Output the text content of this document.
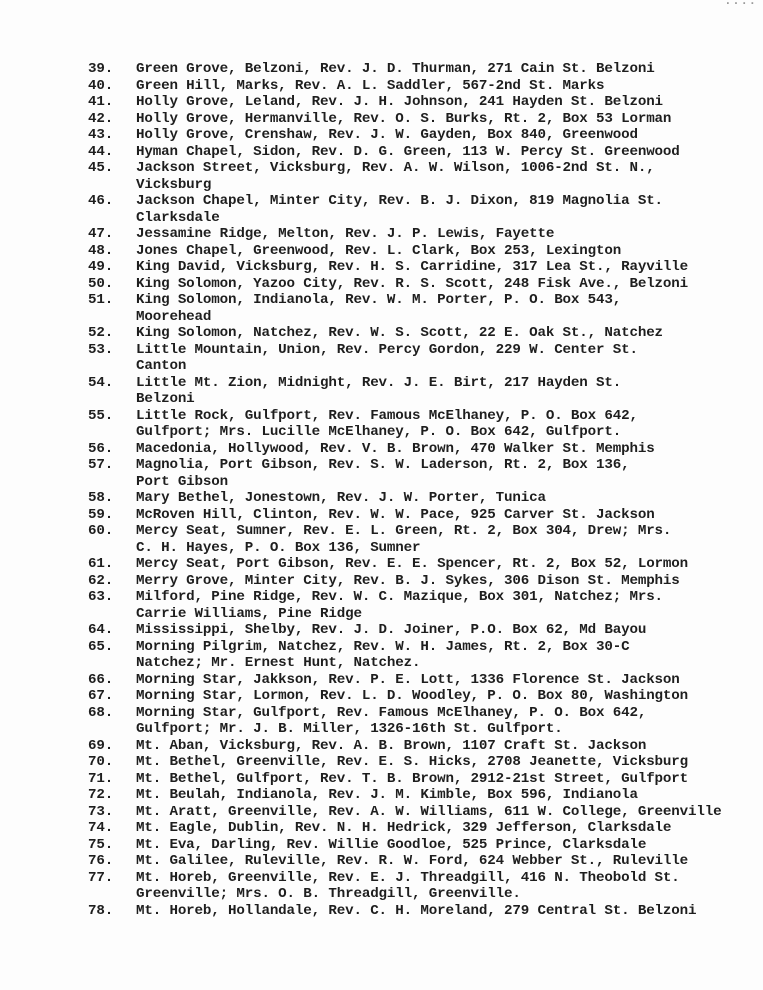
....
39.	Green Grove, Belzoni, Rev. J. D. Thurman, 271 Cain St. Belzoni
40.	Green Hill, Marks, Rev. A. L. Saddler, 567-2nd St. Marks
41.	Holly Grove, Leland, Rev. J. H. Johnson, 241 Hayden St. Belzoni
42.	Holly Grove, Hermanville, Rev. O. S. Burks, Rt. 2, Box 53 Lorman
43.	Holly Grove, Crenshaw, Rev. J. W. Gayden, Box 840, Greenwood
44.	Hyman Chapel, Sidon, Rev. D. G. Green, 113 W. Percy St. Greenwood
45.	Jackson Street, Vicksburg, Rev. A. W. Wilson, 1006-2nd St. N.,
Vicksburg
46.	Jackson Chapel, Minter City, Rev. B. J. Dixon, 819 Magnolia St.
Clarksdale
47.	Jessamine Ridge, Melton, Rev. J. P. Lewis, Fayette
48.	Jones Chapel, Greenwood, Rev. L. Clark, Box 253, Lexington
49.	King David, Vicksburg, Rev. H. S. Carridine, 317 Lea St., Rayville
50.	King Solomon, Yazoo City, Rev. R. S. Scott, 248 Fisk Ave., Belzoni
51.	King Solomon, Indianola, Rev. W. M. Porter, P. O. Box 543,
Moorehead
52.	King Solomon, Natchez, Rev. W. S. Scott, 22 E. Oak St., Natchez
53.	Little Mountain, Union, Rev. Percy Gordon, 229 W. Center St.
Canton
54.	Little Mt. Zion, Midnight, Rev. J. E. Birt, 217 Hayden St.
Belzoni
55.	Little Rock, Gulfport, Rev. Famous McElhaney, P. O. Box 642,
Gulfport; Mrs. Lucille McElhaney, P. O. Box 642, Gulfport.
56.	Macedonia, Hollywood, Rev. V. B. Brown, 470 Walker St. Memphis
57.	Magnolia, Port Gibson, Rev. S. W. Laderson, Rt. 2, Box 136,
Port Gibson
58.	Mary Bethel, Jonestown, Rev. J. W. Porter, Tunica
59.	McRoven Hill, Clinton, Rev. W. W. Pace, 925 Carver St. Jackson
60.	Mercy Seat, Sumner, Rev. E. L. Green, Rt. 2, Box 304, Drew; Mrs.
C. H. Hayes, P. O. Box 136, Sumner
61.	Mercy Seat, Port Gibson, Rev. E. E. Spencer, Rt. 2, Box 52, Lormon
62.	Merry Grove, Minter City, Rev. B. J. Sykes, 306 Dison St. Memphis
63.	Milford, Pine Ridge, Rev. W. C. Mazique, Box 301, Natchez; Mrs.
Carrie Williams, Pine Ridge
64.	Mississippi, Shelby, Rev. J. D. Joiner, P.O. Box 62, Md Bayou
65.	Morning Pilgrim, Natchez, Rev. W. H. James, Rt. 2, Box 30-C
Natchez; Mr. Ernest Hunt, Natchez.
66.	Morning Star, Jakkson, Rev. P. E. Lott, 1336 Florence St. Jackson
67.	Morning Star, Lormon, Rev. L. D. Woodley, P. O. Box 80, Washington
68.	Morning Star, Gulfport, Rev. Famous McElhaney, P. O. Box 642,
Gulfport; Mr. J. B. Miller, 1326-16th St. Gulfport.
69.	Mt. Aban, Vicksburg, Rev. A. B. Brown, 1107 Craft St. Jackson
70.	Mt. Bethel, Greenville, Rev. E. S. Hicks, 2708 Jeanette, Vicksburg
71.	Mt. Bethel, Gulfport, Rev. T. B. Brown, 2912-21st Street, Gulfport
72.	Mt. Beulah, Indianola, Rev. J. M. Kimble, Box 596, Indianola
73.	Mt. Aratt, Greenville, Rev. A. W. Williams, 611 W. College, Greenville
74.	Mt. Eagle, Dublin, Rev. N. H. Hedrick, 329 Jefferson, Clarksdale
75.	Mt. Eva, Darling, Rev. Willie Goodloe, 525 Prince, Clarksdale
76.	Mt. Galilee, Ruleville, Rev. R. W. Ford, 624 Webber St., Ruleville
77.	Mt. Horeb, Greenville, Rev. E. J. Threadgill, 416 N. Theobold St.
Greenville; Mrs. O. B. Threadgill, Greenville.
78.	Mt. Horeb, Hollandale, Rev. C. H. Moreland, 279 Central St. Belzoni
